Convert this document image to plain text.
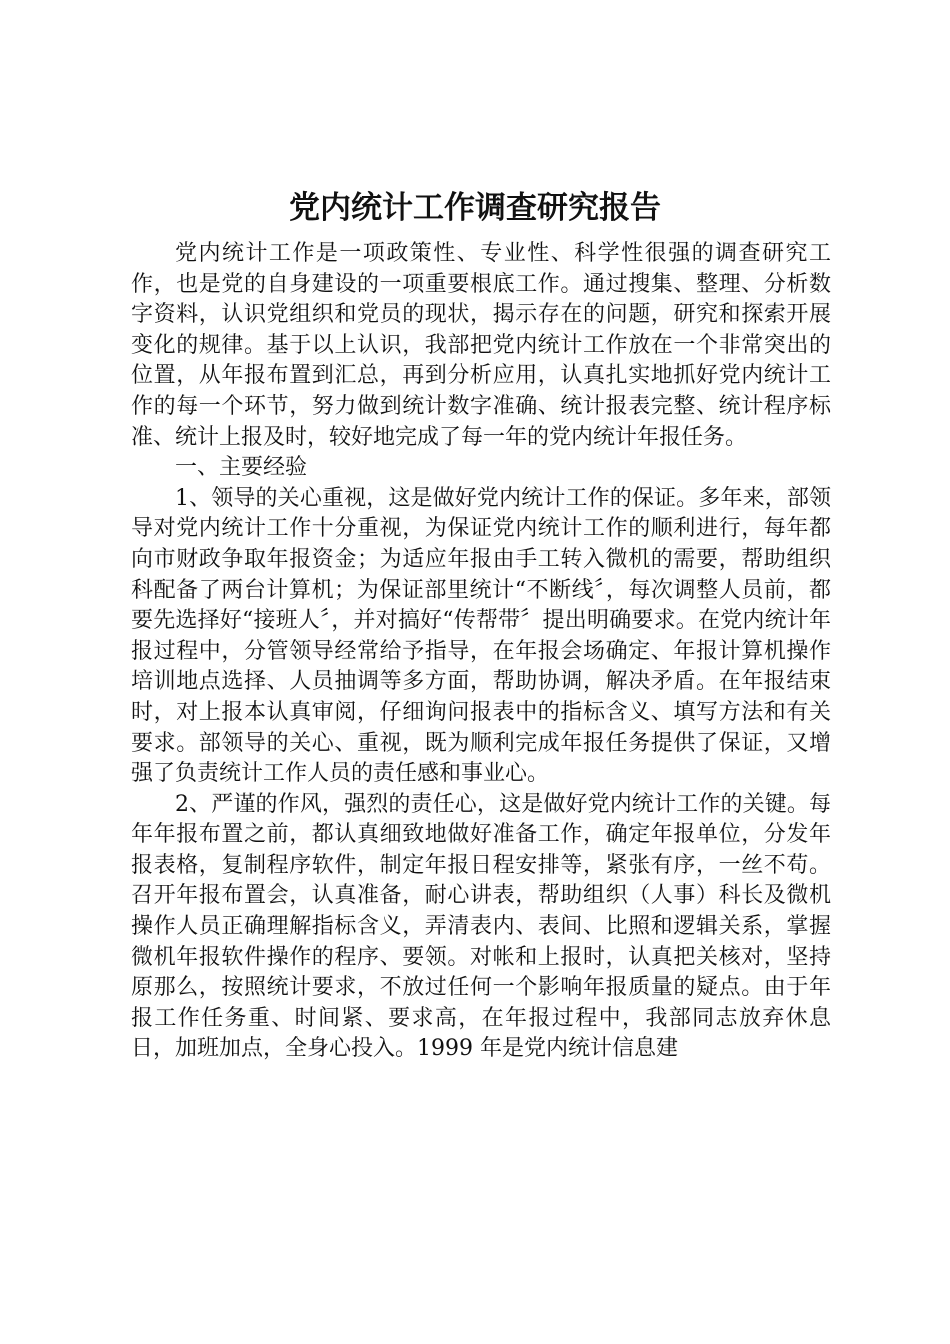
党内统计工作调查研究报告

党内统计工作是一项政策性、专业性、科学性很强的调查研究工作，也是党的自身建设的一项重要根底工作。通过搜集、整理、分析数字资料，认识党组织和党员的现状，揭示存在的问题，研究和探索开展变化的规律。基于以上认识，我部把党内统计工作放在一个非常突出的位置，从年报布置到汇总，再到分析应用，认真扎实地抓好党内统计工作的每一个环节，努力做到统计数字准确、统计报表完整、统计程序标准、统计上报及时，较好地完成了每一年的党内统计年报任务。

一、主要经验

1、领导的关心重视，这是做好党内统计工作的保证。多年来，部领导对党内统计工作十分重视，为保证党内统计工作的顺利进行，每年都向市财政争取年报资金；为适应年报由手工转入微机的需要，帮助组织科配备了两台计算机；为保证部里统计“不断线〞，每次调整人员前，都要先选择好“接班人〞，并对搞好“传帮带〞提出明确要求。在党内统计年报过程中，分管领导经常给予指导，在年报会场确定、年报计算机操作培训地点选择、人员抽调等多方面，帮助协调，解决矛盾。在年报结束时，对上报本认真审阅，仔细询问报表中的指标含义、填写方法和有关要求。部领导的关心、重视，既为顺利完成年报任务提供了保证，又增强了负责统计工作人员的责任感和事业心。

2、严谨的作风，强烈的责任心，这是做好党内统计工作的关键。每年年报布置之前，都认真细致地做好准备工作，确定年报单位，分发年报表格，复制程序软件，制定年报日程安排等，紧张有序，一丝不苟。召开年报布置会，认真准备，耐心讲表，帮助组织（人事）科长及微机操作人员正确理解指标含义，弄清表内、表间、比照和逻辑关系，掌握微机年报软件操作的程序、要领。对帐和上报时，认真把关核对，坚持原那么，按照统计要求，不放过任何一个影响年报质量的疑点。由于年报工作任务重、时间紧、要求高，在年报过程中，我部同志放弃休息日，加班加点，全身心投入。1999 年是党内统计信息建
